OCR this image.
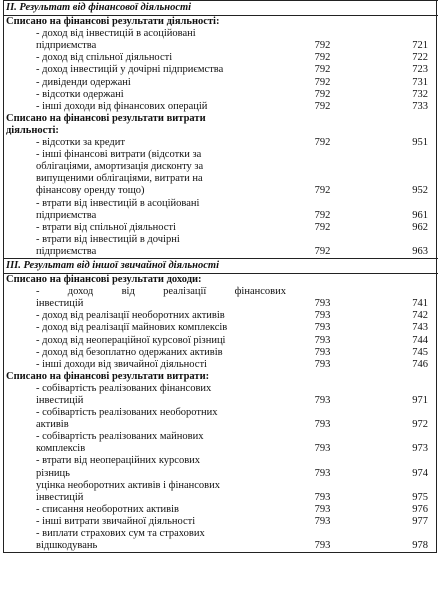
II. Результат від фінансової діяльності		
Списано на фінансові результати діяльності:		

- доход від інвестицій в асоційовані		

підприємства	792	721

- доход від спільної діяльності	792	722

- доход інвестицій у дочірні підприємства	792	723

- дивіденди одержані	792	731

- відсотки одержані	792	732

- інші доходи від фінансових операцій	792	733
Списано на фінансові результати витрати		
діяльності:		

- відсотки за кредит	792	951

- інші фінансові витрати (відсотки за		

облігаціями, амортизація дисконту за		

випущеними облігаціями, витрати на		

фінансову оренду тощо)	792	952

- втрати від інвестицій в асоційовані		

підприємства	792	961

- втрати від спільної діяльності	792	962

- втрати від інвестицій в дочірні		

підприємства	792	963
III. Результат від іншої звичайної діяльності		
Списано на фінансові результати доходи:		

- доход від реалізації фінансових		

інвестицій	793	741

- доход від реалізації необоротних активів	793	742

- доход від реалізації майнових комплексів	793	743

- доход від неопераційної курсової різниці	793	744

- доход від безоплатно одержаних активів	793	745

- інші доходи від звичайної діяльності	793	746
Списано на фінансові результати витрати:		

- собівартість реалізованих фінансових		

інвестицій	793	971

- собівартість реалізованих необоротних		

активів	793	972

- собівартість реалізованих майнових		

комплексів	793	973

- втрати від неопераційних курсових		

різниць	793	974

уцінка необоротних активів і фінансових		

інвестицій	793	975

- списання необоротних активів	793	976

- інші витрати звичайної діяльності	793	977

- виплати страхових сум та страхових		

відшкодувань	793	978
